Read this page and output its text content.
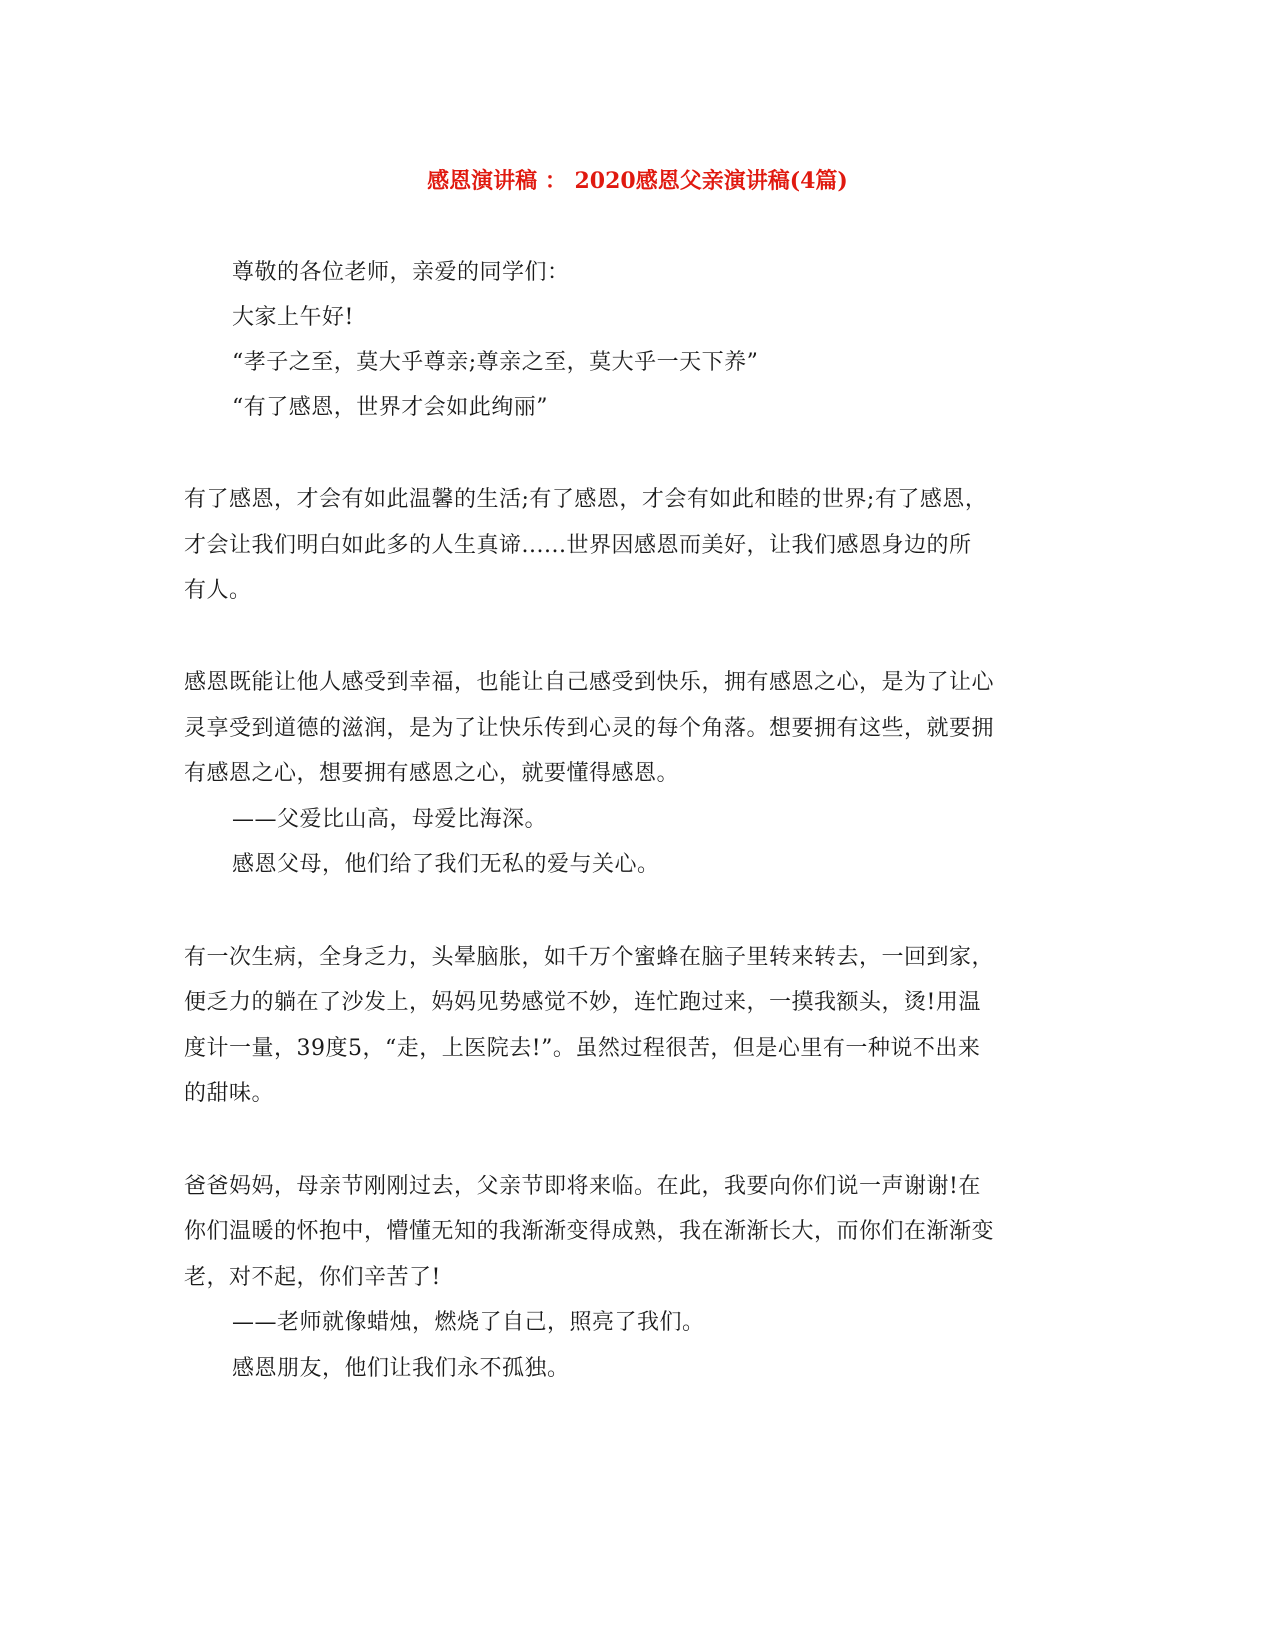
感恩演讲稿 ： 2020感恩父亲演讲稿(4篇)
尊敬的各位老师，亲爱的同学们：
大家上午好!
“孝子之至，莫大乎尊亲;尊亲之至，莫大乎一天下养”
“有了感恩，世界才会如此绚丽”
有了感恩，才会有如此温馨的生活;有了感恩，才会有如此和睦的世界;有了感恩，
才会让我们明白如此多的人生真谛......世界因感恩而美好，让我们感恩身边的所
有人。
感恩既能让他人感受到幸福，也能让自己感受到快乐，拥有感恩之心，是为了让心
灵享受到道德的滋润，是为了让快乐传到心灵的每个角落。想要拥有这些，就要拥
有感恩之心，想要拥有感恩之心，就要懂得感恩。
——父爱比山高，母爱比海深。
感恩父母，他们给了我们无私的爱与关心。
有一次生病，全身乏力，头晕脑胀，如千万个蜜蜂在脑子里转来转去，一回到家，
便乏力的躺在了沙发上，妈妈见势感觉不妙，连忙跑过来，一摸我额头，烫!用温
度计一量，39度5，“走，上医院去!”。虽然过程很苦，但是心里有一种说不出来
的甜味。
爸爸妈妈，母亲节刚刚过去，父亲节即将来临。在此，我要向你们说一声谢谢!在
你们温暖的怀抱中，懵懂无知的我渐渐变得成熟，我在渐渐长大，而你们在渐渐变
老，对不起，你们辛苦了!
——老师就像蜡烛，燃烧了自己，照亮了我们。
感恩朋友，他们让我们永不孤独。
